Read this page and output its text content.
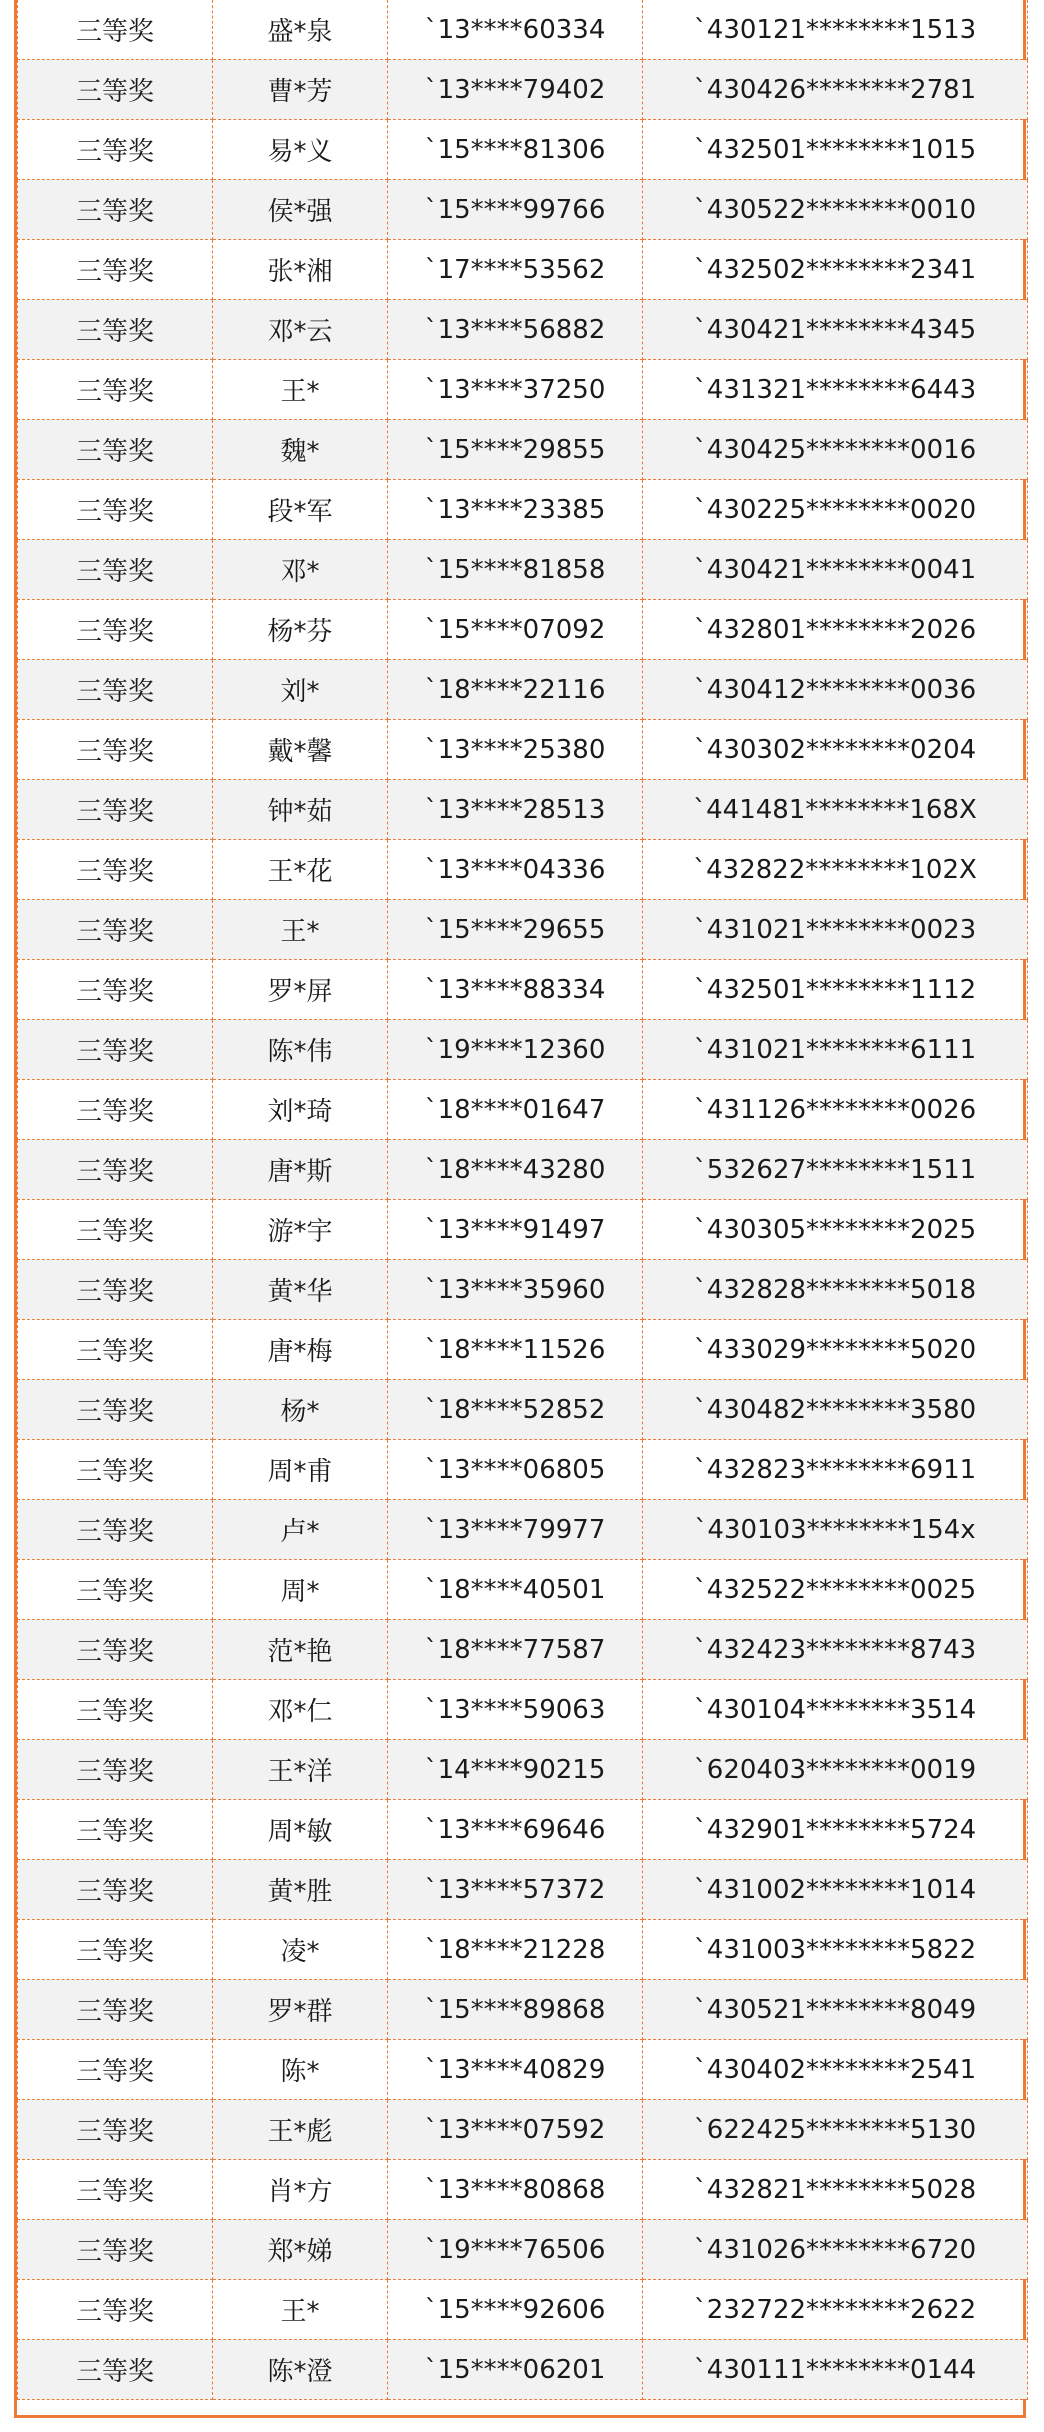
三等奖	盛*泉	`13****60334	`430121********1513
三等奖	曹*芳	`13****79402	`430426********2781
三等奖	易*义	`15****81306	`432501********1015
三等奖	侯*强	`15****99766	`430522********0010
三等奖	张*湘	`17****53562	`432502********2341
三等奖	邓*云	`13****56882	`430421********4345
三等奖	王*	`13****37250	`431321********6443
三等奖	魏*	`15****29855	`430425********0016
三等奖	段*军	`13****23385	`430225********0020
三等奖	邓*	`15****81858	`430421********0041
三等奖	杨*芬	`15****07092	`432801********2026
三等奖	刘*	`18****22116	`430412********0036
三等奖	戴*馨	`13****25380	`430302********0204
三等奖	钟*茹	`13****28513	`441481********168X
三等奖	王*花	`13****04336	`432822********102X
三等奖	王*	`15****29655	`431021********0023
三等奖	罗*屏	`13****88334	`432501********1112
三等奖	陈*伟	`19****12360	`431021********6111
三等奖	刘*琦	`18****01647	`431126********0026
三等奖	唐*斯	`18****43280	`532627********1511
三等奖	游*宇	`13****91497	`430305********2025
三等奖	黄*华	`13****35960	`432828********5018
三等奖	唐*梅	`18****11526	`433029********5020
三等奖	杨*	`18****52852	`430482********3580
三等奖	周*甫	`13****06805	`432823********6911
三等奖	卢*	`13****79977	`430103********154x
三等奖	周*	`18****40501	`432522********0025
三等奖	范*艳	`18****77587	`432423********8743
三等奖	邓*仁	`13****59063	`430104********3514
三等奖	王*洋	`14****90215	`620403********0019
三等奖	周*敏	`13****69646	`432901********5724
三等奖	黄*胜	`13****57372	`431002********1014
三等奖	凌*	`18****21228	`431003********5822
三等奖	罗*群	`15****89868	`430521********8049
三等奖	陈*	`13****40829	`430402********2541
三等奖	王*彪	`13****07592	`622425********5130
三等奖	肖*方	`13****80868	`432821********5028
三等奖	郑*娣	`19****76506	`431026********6720
三等奖	王*	`15****92606	`232722********2622
三等奖	陈*澄	`15****06201	`430111********0144
